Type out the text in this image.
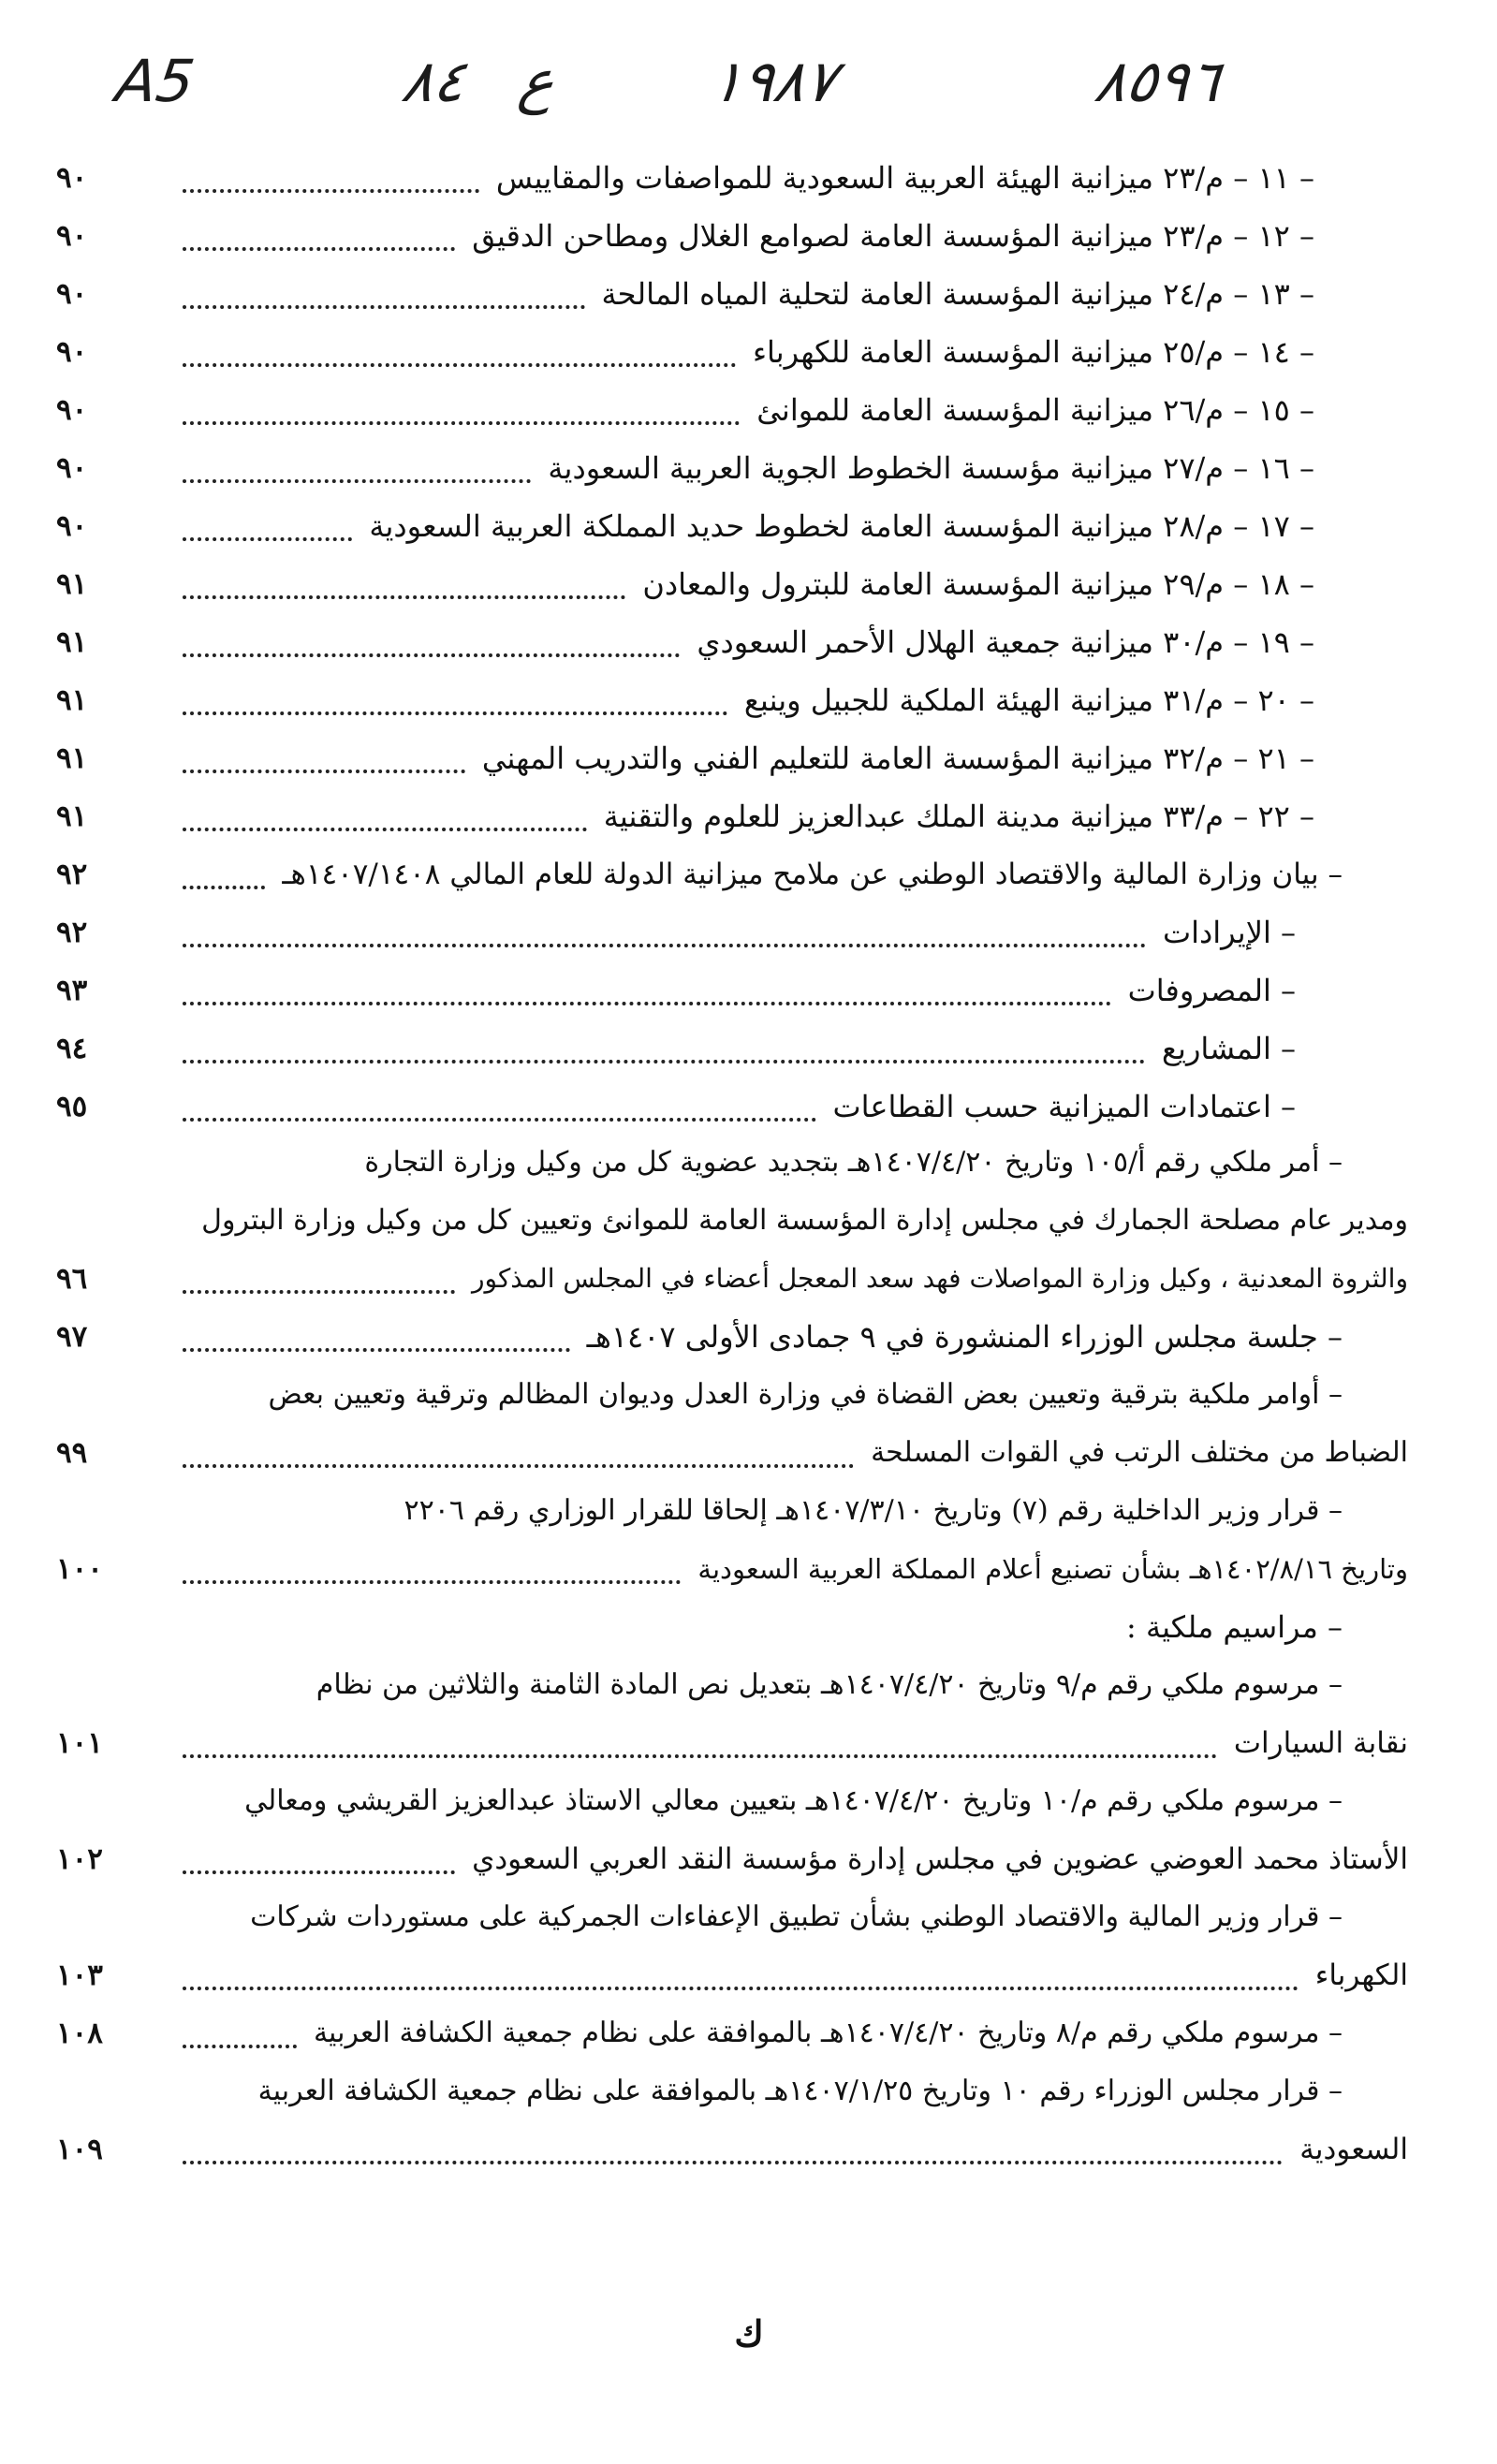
A5	٨٤ ع	١٩٨٧	٨٥٩٦
– ١١ – م/٢٣ ميزانية الهيئة العربية السعودية للمواصفات والمقاييس
٩٠
– ١٢ – م/٢٣ ميزانية المؤسسة العامة لصوامع الغلال ومطاحن الدقيق
٩٠
– ١٣ – م/٢٤ ميزانية المؤسسة العامة لتحلية المياه المالحة
٩٠
– ١٤ – م/٢٥ ميزانية المؤسسة العامة للكهرباء
٩٠
– ١٥ – م/٢٦ ميزانية المؤسسة العامة للموانئ
٩٠
– ١٦ – م/٢٧ ميزانية مؤسسة الخطوط الجوية العربية السعودية
٩٠
– ١٧ – م/٢٨ ميزانية المؤسسة العامة لخطوط حديد المملكة العربية السعودية
٩٠
– ١٨ – م/٢٩ ميزانية المؤسسة العامة للبترول والمعادن
٩١
– ١٩ – م/٣٠ ميزانية جمعية الهلال الأحمر السعودي
٩١
– ٢٠ – م/٣١ ميزانية الهيئة الملكية للجبيل وينبع
٩١
– ٢١ – م/٣٢ ميزانية المؤسسة العامة للتعليم الفني والتدريب المهني
٩١
– ٢٢ – م/٣٣ ميزانية مدينة الملك عبدالعزيز للعلوم والتقنية
٩١
– بيان وزارة المالية والاقتصاد الوطني عن ملامح ميزانية الدولة للعام المالي ١٤٠٧/١٤٠٨هـ
٩٢
– الإيرادات
٩٢
– المصروفات
٩٣
– المشاريع
٩٤
– اعتمادات الميزانية حسب القطاعات
٩٥
– أمر ملكي رقم أ/١٠٥ وتاريخ ١٤٠٧/٤/٢٠هـ بتجديد عضوية كل من وكيل وزارة التجارة
ومدير عام مصلحة الجمارك في مجلس إدارة المؤسسة العامة للموانئ وتعيين كل من وكيل وزارة البترول
والثروة المعدنية ، وكيل وزارة المواصلات فهد سعد المعجل أعضاء في المجلس المذكور
٩٦
– جلسة مجلس الوزراء المنشورة في ٩ جمادى الأولى ١٤٠٧هـ
٩٧
– أوامر ملكية بترقية وتعيين بعض القضاة في وزارة العدل وديوان المظالم وترقية وتعيين بعض
الضباط من مختلف الرتب في القوات المسلحة
٩٩
– قرار وزير الداخلية رقم (٧) وتاريخ ١٤٠٧/٣/١٠هـ إلحاقا للقرار الوزاري رقم ٢٢٠٦
وتاريخ ١٤٠٢/٨/١٦هـ بشأن تصنيع أعلام المملكة العربية السعودية
١٠٠
– مراسيم ملكية :
– مرسوم ملكي رقم م/٩ وتاريخ ١٤٠٧/٤/٢٠هـ بتعديل نص المادة الثامنة والثلاثين من نظام
نقابة السيارات
١٠١
– مرسوم ملكي رقم م/١٠ وتاريخ ١٤٠٧/٤/٢٠هـ بتعيين معالي الاستاذ عبدالعزيز القريشي ومعالي
الأستاذ محمد العوضي عضوين في مجلس إدارة مؤسسة النقد العربي السعودي
١٠٢
– قرار وزير المالية والاقتصاد الوطني بشأن تطبيق الإعفاءات الجمركية على مستوردات شركات
الكهرباء
١٠٣
– مرسوم ملكي رقم م/٨ وتاريخ ١٤٠٧/٤/٢٠هـ بالموافقة على نظام جمعية الكشافة العربية
١٠٨
– قرار مجلس الوزراء رقم ١٠ وتاريخ ١٤٠٧/١/٢٥هـ بالموافقة على نظام جمعية الكشافة العربية
السعودية
١٠٩
ك
